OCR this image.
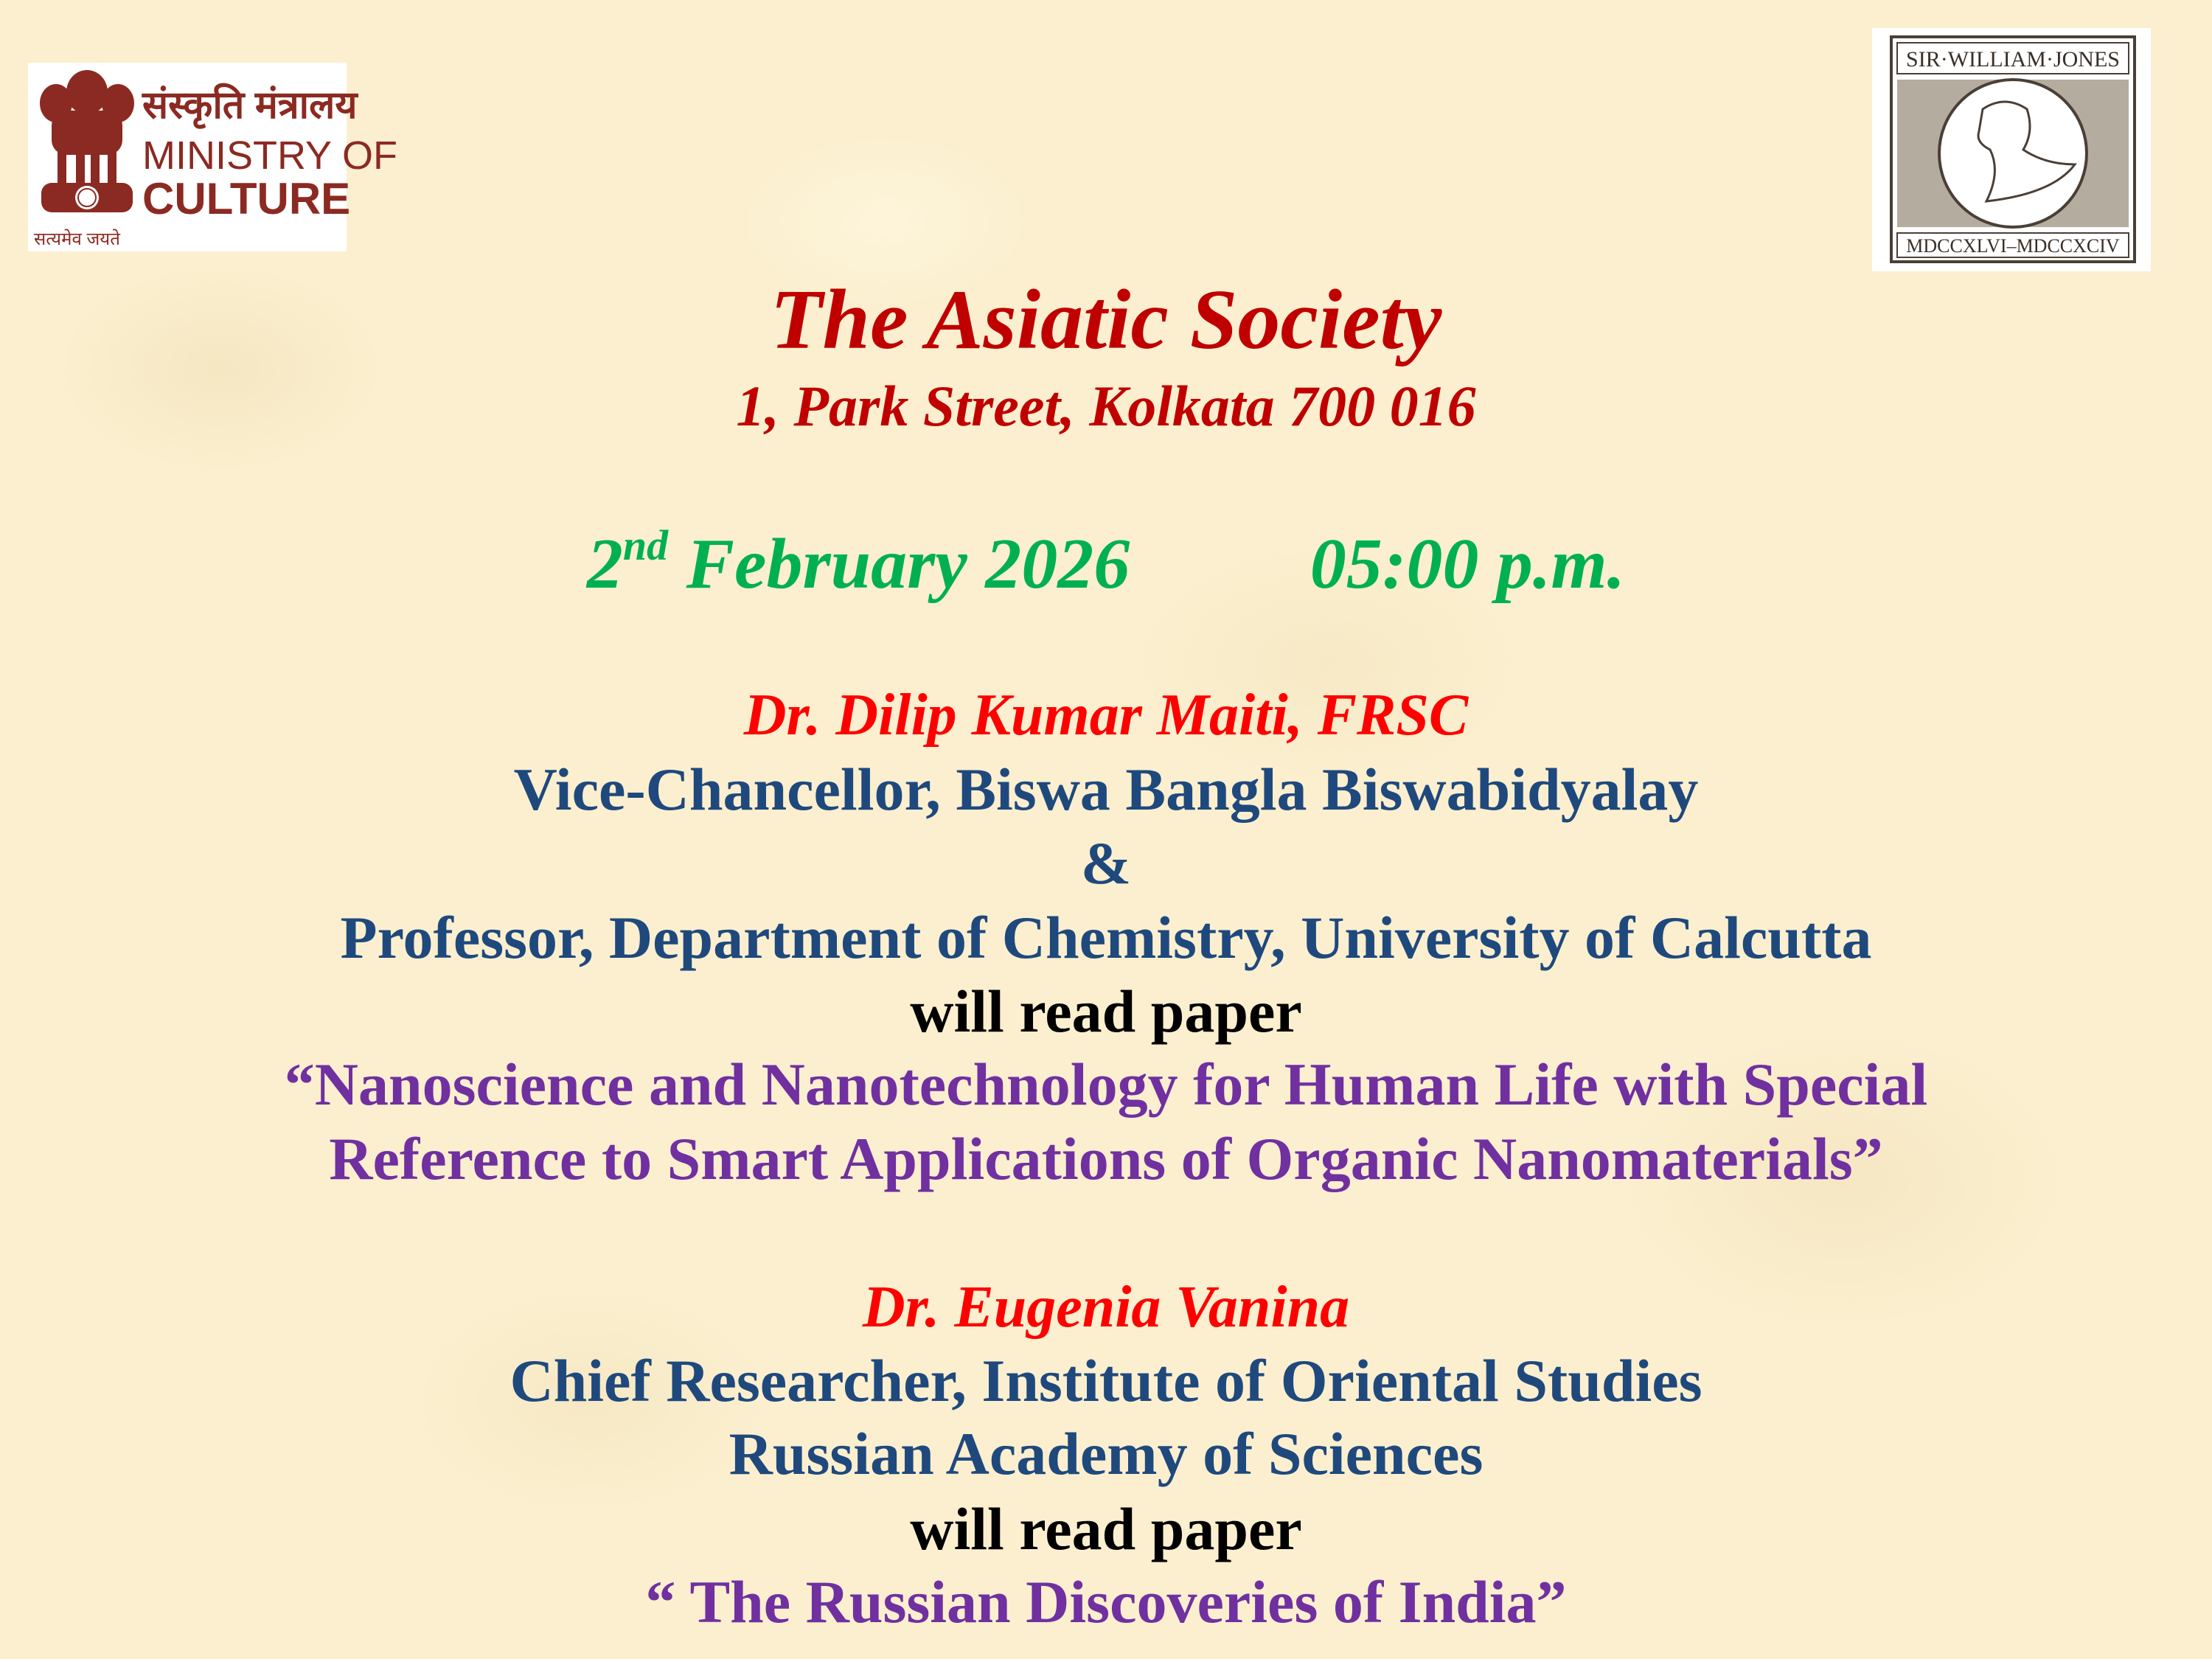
सत्यमेव जयते
संस्कृति मंत्रालय
MINISTRY OF
CULTURE
SIR·WILLIAM·JONES
MDCCXLVI–MDCCXCIV
The Asiatic Society
1, Park Street, Kolkata 700 016
2nd February 2026 05:00 p.m.
Dr. Dilip Kumar Maiti, FRSC
Vice-Chancellor, Biswa Bangla Biswabidyalay
&
Professor, Department of Chemistry, University of Calcutta
will read paper
“Nanoscience and Nanotechnology for Human Life with Special
Reference to Smart Applications of Organic Nanomaterials”
Dr. Eugenia Vanina
Chief Researcher, Institute of Oriental Studies
Russian Academy of Sciences
will read paper
“ The Russian Discoveries of India”
